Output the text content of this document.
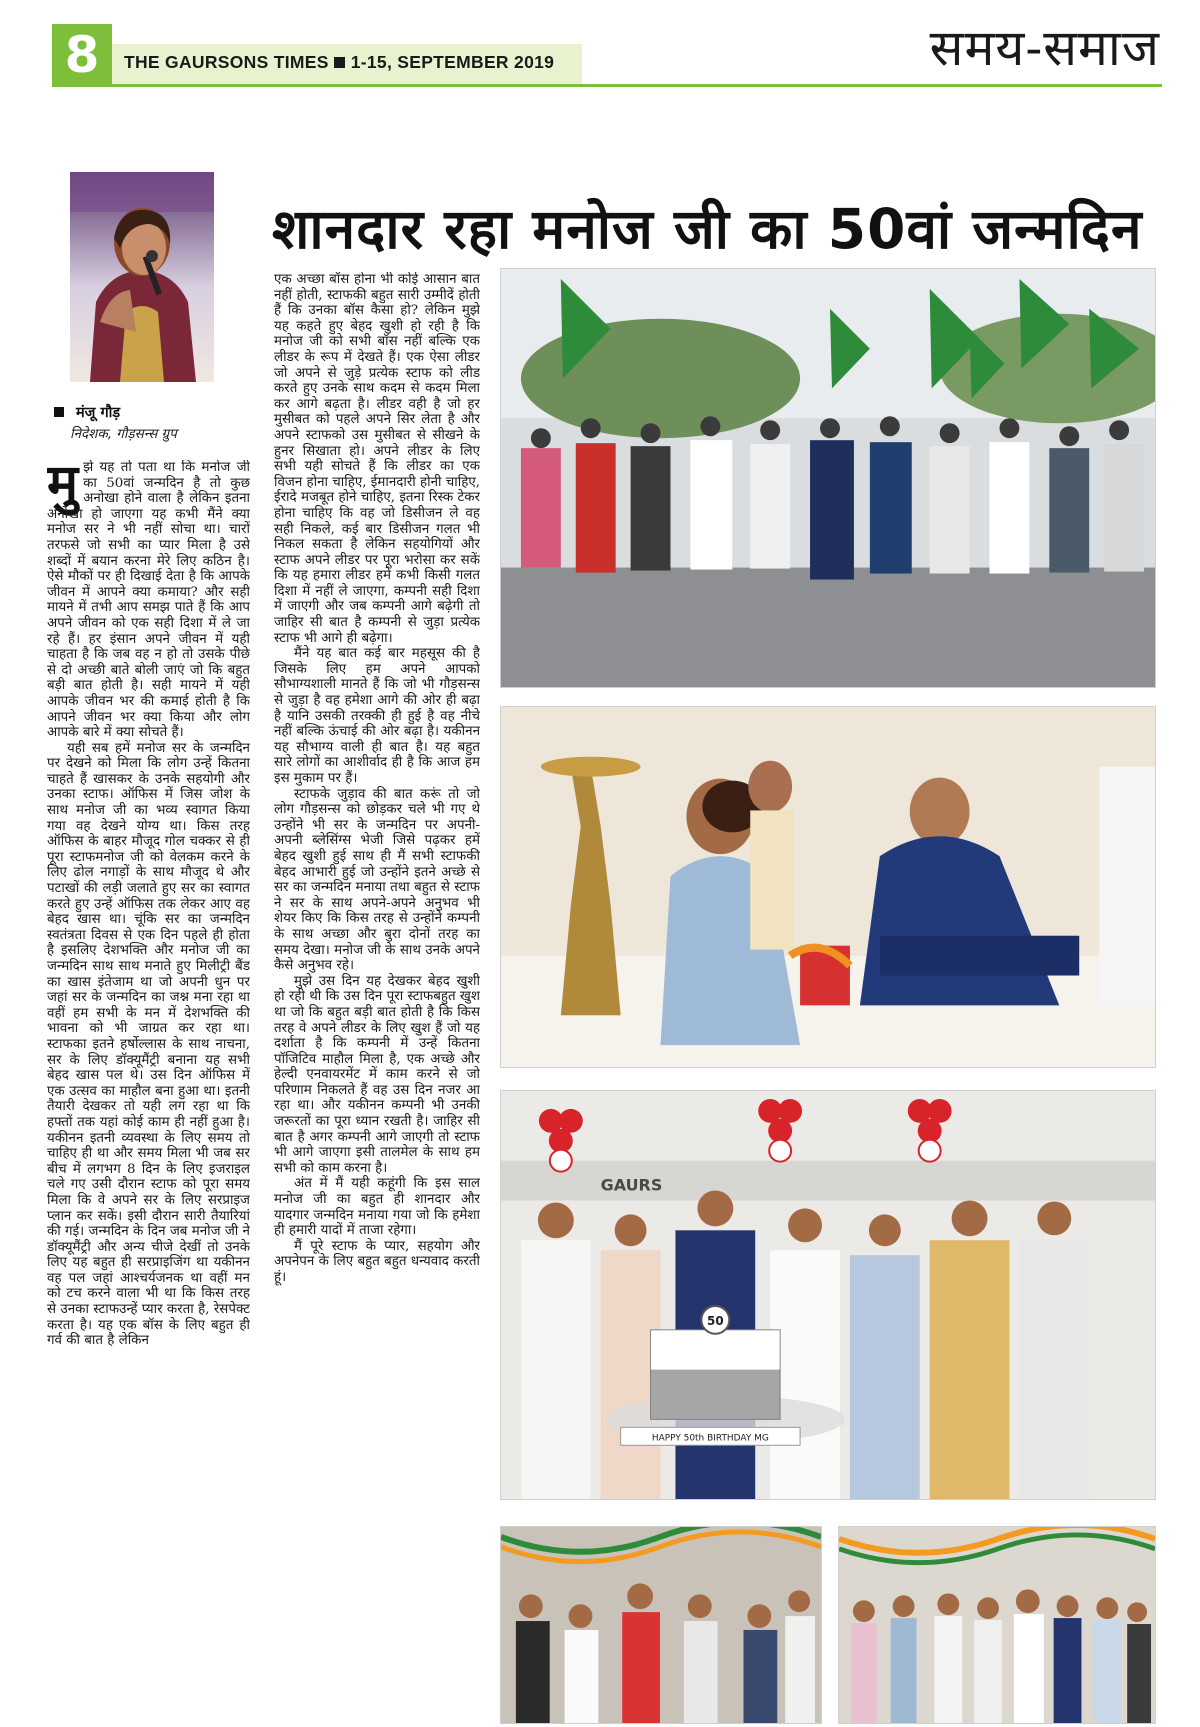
8	THE GAURSONS TIMES 1-15, SEPTEMBER 2019	समय-समाज
मंजू गौड़
निदेशक, गौड़सन्स ग्रुप
शानदार रहा मनोज जी का 50वां जन्मदिन

मुझे यह तो पता था कि मनोज जी का 50वां जन्मदिन है तो कुछ अनोखा होने वाला है लेकिन इतना अनोखा हो जाएगा यह कभी मैंने क्या मनोज सर ने भी नहीं सोचा था। चारों तरफसे जो सभी का प्यार मिला है उसे शब्दों में बयान करना मेरे लिए कठिन है। ऐसे मौकों पर ही दिखाई देता है कि आपके जीवन में आपने क्या कमाया? और सही मायने में तभी आप समझ पाते हैं कि आप अपने जीवन को एक सही दिशा में ले जा रहे हैं। हर इंसान अपने जीवन में यही चाहता है कि जब वह न हो तो उसके पीछे से दो अच्छी बाते बोली जाएं जो कि बहुत बड़ी बात होती है। सही मायने में यही आपके जीवन भर की कमाई होती है कि आपने जीवन भर क्या किया और लोग आपके बारे में क्या सोचते हैं।

यही सब हमें मनोज सर के जन्मदिन पर देखने को मिला कि लोग उन्हें कितना चाहते हैं खासकर के उनके सहयोगी और उनका स्टाफ। ऑफिस में जिस जोश के साथ मनोज जी का भव्य स्वागत किया गया वह देखने योग्य था। किस तरह ऑफिस के बाहर मौजूद गोल चक्कर से ही पूरा स्टाफमनोज जी को वेलकम करने के लिए ढोल नगाड़ों के साथ मौजूद थे और पटाखों की लड़ी जलाते हुए सर का स्वागत करते हुए उन्हें ऑफिस तक लेकर आए वह बेहद खास था। चूंकि सर का जन्मदिन स्वतंत्रता दिवस से एक दिन पहले ही होता है इसलिए देशभक्ति और मनोज जी का जन्मदिन साथ साथ मनाते हुए मिलीट्री बैंड का खास इंतेजाम था जो अपनी धुन पर जहां सर के जन्मदिन का जश्न मना रहा था वहीं हम सभी के मन में देशभक्ति की भावना को भी जाग्रत कर रहा था। स्टाफका इतने हर्षोल्लास के साथ नाचना, सर के लिए डॉक्यूमैंट्री बनाना यह सभी बेहद खास पल थे। उस दिन ऑफिस में एक उत्सव का माहौल बना हुआ था। इतनी तैयारी देखकर तो यही लग रहा था कि हफ्तों तक यहां कोई काम ही नहीं हुआ है। यकीनन इतनी व्यवस्था के लिए समय तो चाहिए ही था और समय मिला भी जब सर बीच में लगभग 8 दिन के लिए इजराइल चले गए उसी दौरान स्टाफ को पूरा समय मिला कि वे अपने सर के लिए सरप्राइज प्लान कर सकें। इसी दौरान सारी तैयारियां की गई। जन्मदिन के दिन जब मनोज जी ने डॉक्यूमैंट्री और अन्य चीजे देखीं तो उनके लिए यह बहुत ही सरप्राइजिंग था यकीनन वह पल जहां आश्चर्यजनक था वहीं मन को टच करने वाला भी था कि किस तरह से उनका स्टाफउन्हें प्यार करता है, रेसपेक्ट करता है। यह एक बॉस के लिए बहुत ही गर्व की बात है लेकिन

एक अच्छा बॉस होना भी कोई आसान बात नहीं होती, स्टाफकी बहुत सारी उम्मीदें होती हैं कि उनका बॉस कैसा हो? लेकिन मुझे यह कहते हुए बेहद खुशी हो रही है कि मनोज जी को सभी बॉस नहीं बल्कि एक लीडर के रूप में देखते हैं। एक ऐसा लीडर जो अपने से जुड़े प्रत्येक स्टाफ को लीड करते हुए उनके साथ कदम से कदम मिला कर आगे बढ़ता है। लीडर वही है जो हर मुसीबत को पहले अपने सिर लेता है और अपने स्टाफको उस मुसीबत से सीखने के हुनर सिखाता हो। अपने लीडर के लिए सभी यही सोचते हैं कि लीडर का एक विजन होना चाहिए, ईमानदारी होनी चाहिए, ईरादे मजबूत होने चाहिए, इतना रिस्क टेकर होना चाहिए कि वह जो डिसीजन ले वह सही निकले, कई बार डिसीजन गलत भी निकल सकता है लेकिन सहयोगियों और स्टाफ अपने लीडर पर पूरा भरोसा कर सकें कि यह हमारा लीडर हमें कभी किसी गलत दिशा में नहीं ले जाएगा, कम्पनी सही दिशा में जाएगी और जब कम्पनी आगे बढ़ेगी तो जाहिर सी बात है कम्पनी से जुड़ा प्रत्येक स्टाफ भी आगे ही बढ़ेगा।

मैंने यह बात कई बार महसूस की है जिसके लिए हम अपने आपको सौभाग्यशाली मानते हैं कि जो भी गौड़सन्स से जुड़ा है वह हमेशा आगे की ओर ही बढ़ा है यानि उसकी तरक्की ही हुई है वह नीचे नहीं बल्कि ऊंचाई की ओर बढ़ा है। यकीनन यह सौभाग्य वाली ही बात है। यह बहुत सारे लोगों का आशीर्वाद ही है कि आज हम इस मुकाम पर हैं।

स्टाफके जुड़ाव की बात करूं तो जो लोग गौड़सन्स को छोड़कर चले भी गए थे उन्होंने भी सर के जन्मदिन पर अपनी-अपनी ब्लेसिंग्स भेजी जिसे पढ़कर हमें बेहद खुशी हुई साथ ही मैं सभी स्टाफकी बेहद आभारी हुई जो उन्होंने इतने अच्छे से सर का जन्मदिन मनाया तथा बहुत से स्टाफ ने सर के साथ अपने-अपने अनुभव भी शेयर किए कि किस तरह से उन्होंने कम्पनी के साथ अच्छा और बुरा दोनों तरह का समय देखा। मनोज जी के साथ उनके अपने कैसे अनुभव रहे।

मुझे उस दिन यह देखकर बेहद खुशी हो रही थी कि उस दिन पूरा स्टाफबहुत खुश था जो कि बहुत बड़ी बात होती है कि किस तरह वे अपने लीडर के लिए खुश हैं जो यह दर्शाता है कि कम्पनी में उन्हें कितना पॉजिटिव माहौल मिला है, एक अच्छे और हेल्दी एनवायरमेंट में काम करने से जो परिणाम निकलते हैं वह उस दिन नजर आ रहा था। और यकीनन कम्पनी भी उनकी जरूरतों का पूरा ध्यान रखती है। जाहिर सी बात है अगर कम्पनी आगे जाएगी तो स्टाफ भी आगे जाएगा इसी तालमेल के साथ हम सभी को काम करना है।

अंत में मैं यही कहूंगी कि इस साल मनोज जी का बहुत ही शानदार और यादगार जन्मदिन मनाया गया जो कि हमेशा ही हमारी यादों में ताजा रहेगा।

मैं पूरे स्टाफ के प्यार, सहयोग और अपनेपन के लिए बहुत बहुत धन्यवाद करती हूं।

50
HAPPY 50th BIRTHDAY MG
GAURS
